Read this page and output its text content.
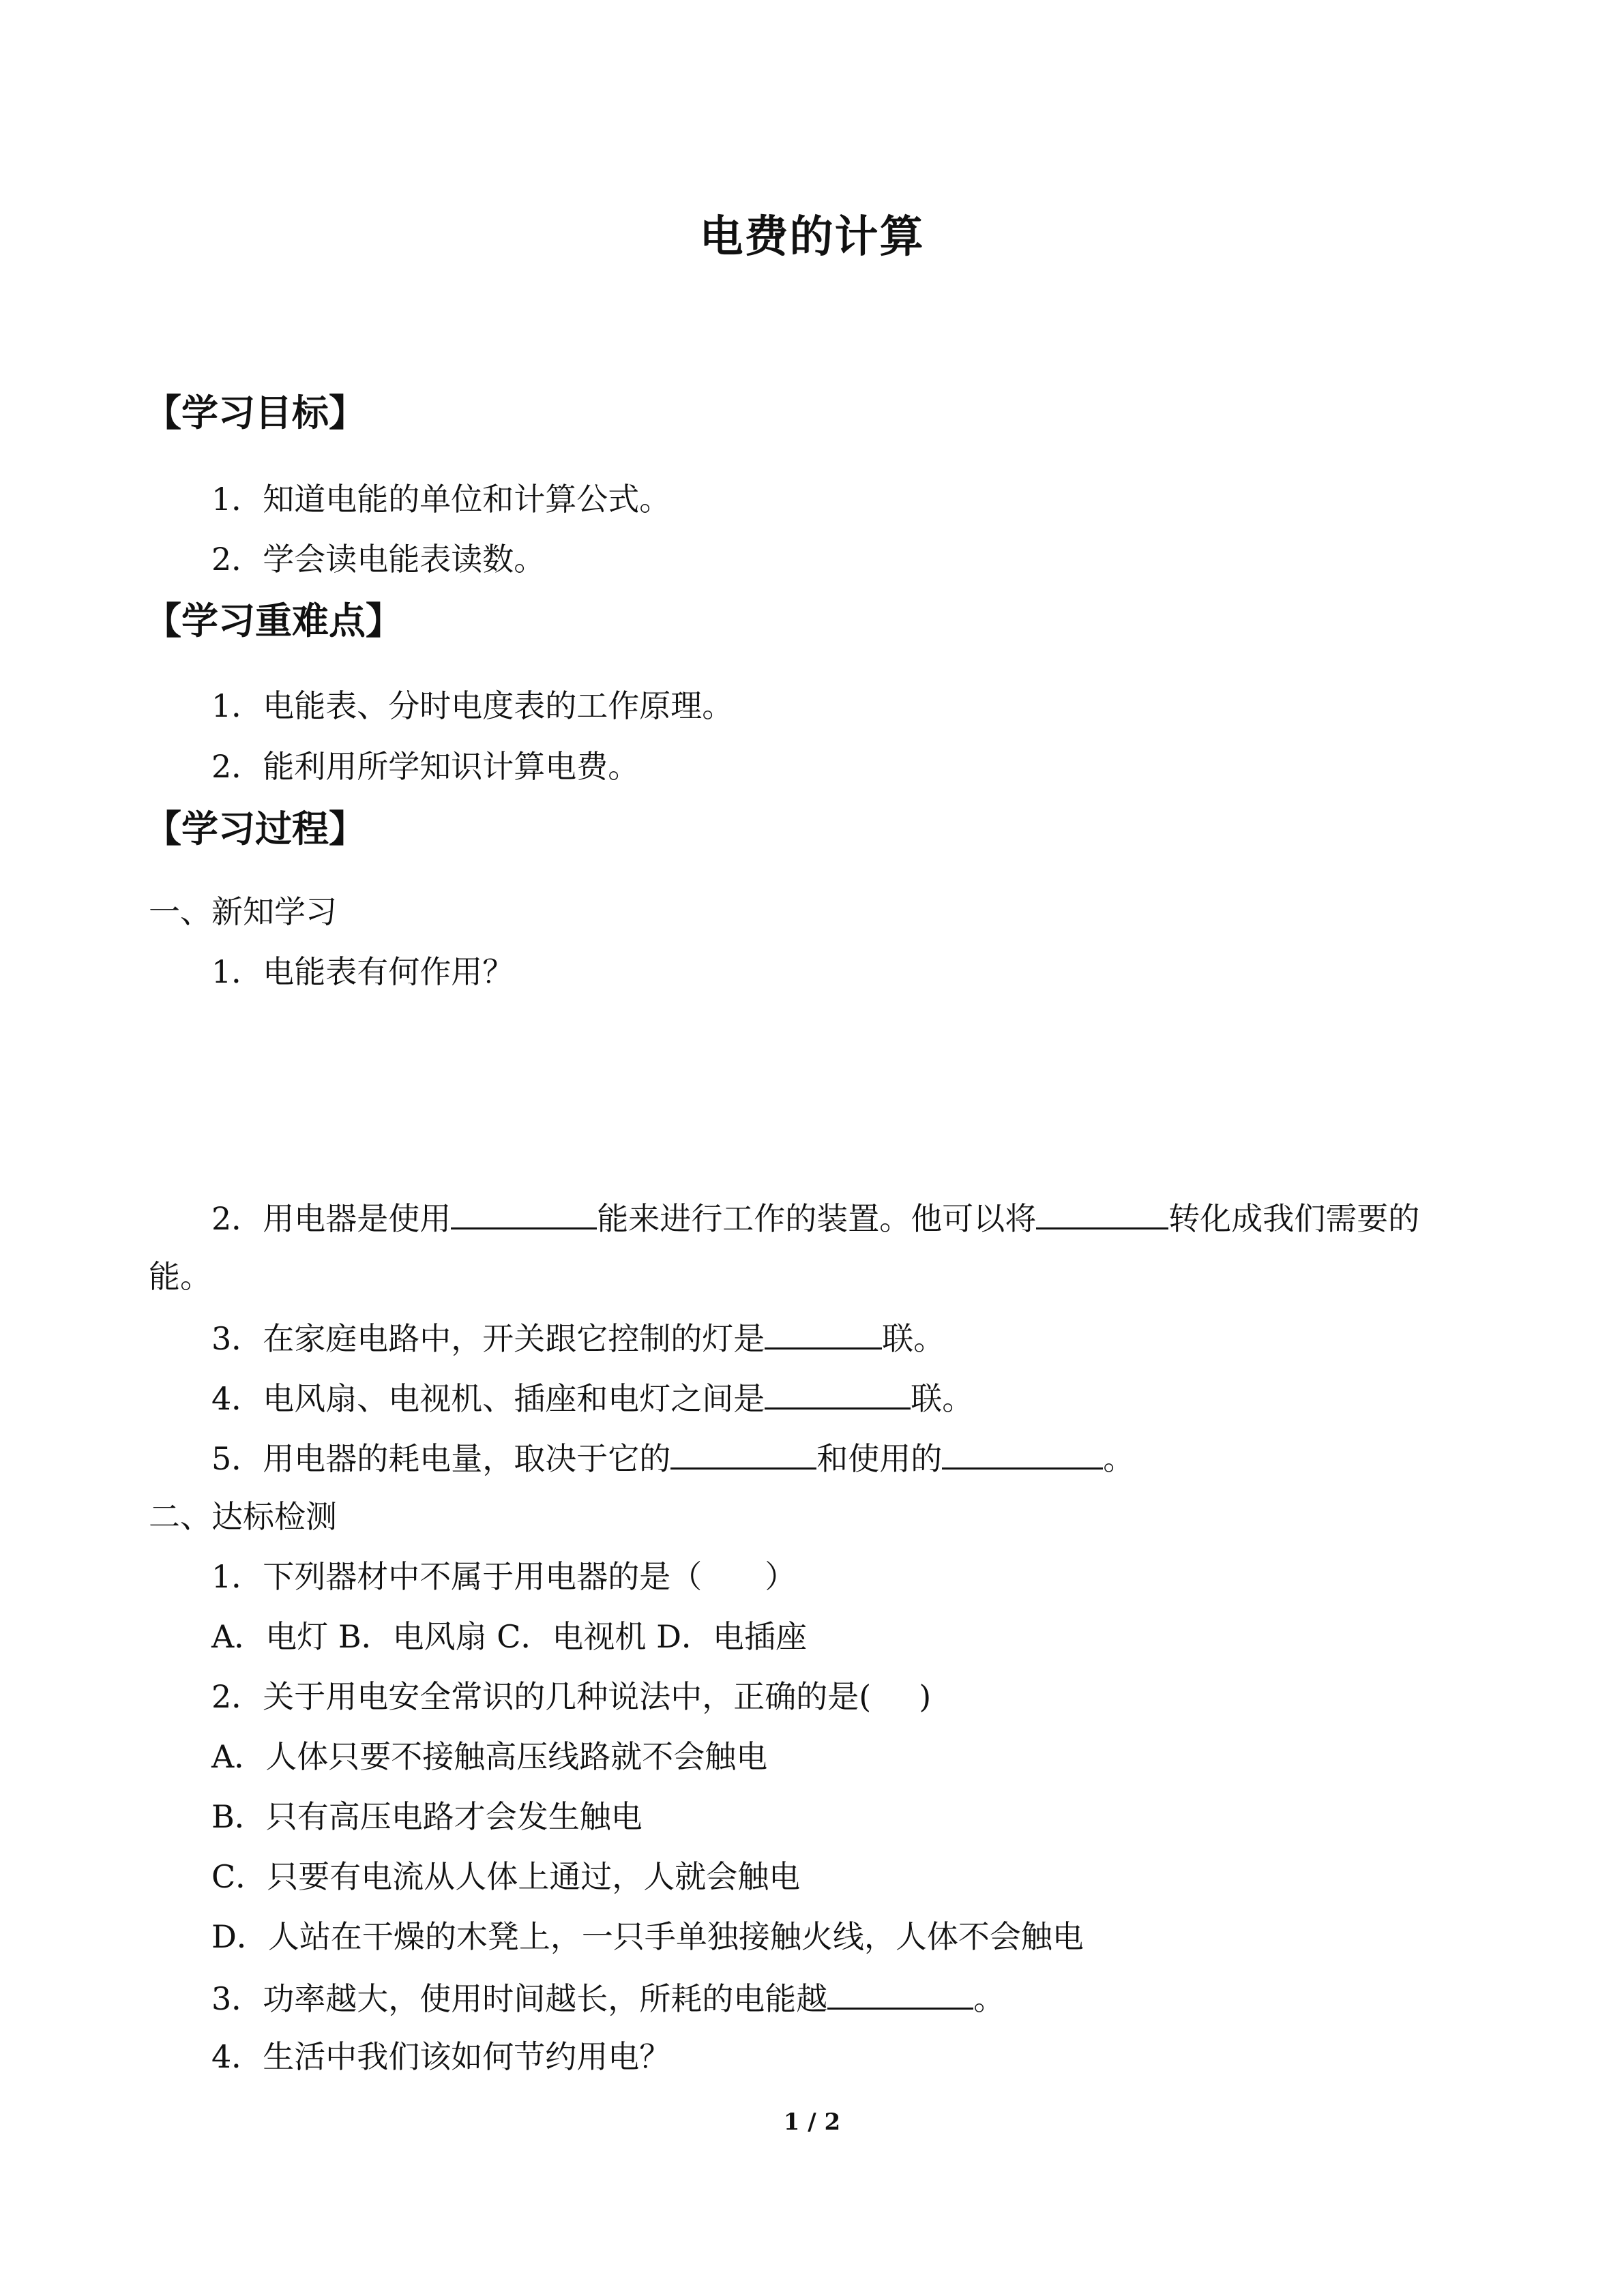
电费的计算
【学习目标】
1．知道电能的单位和计算公式。
2．学会读电能表读数。
【学习重难点】
1．电能表、分时电度表的工作原理。
2．能利用所学知识计算电费。
【学习过程】
一、新知学习
1．电能表有何作用？
2．用电器是使用	能来进行工作的装置。他可以将	转化成我们需要的
能。
3．在家庭电路中，开关跟它控制的灯是	联。
4．电风扇、电视机、插座和电灯之间是	联。
5．用电器的耗电量，取决于它的	和使用的	。
二、达标检测
1．下列器材中不属于用电器的是（ ）
A．电灯 B．电风扇 C．电视机 D．电插座
2．关于用电安全常识的几种说法中，正确的是( )
A．人体只要不接触高压线路就不会触电
B．只有高压电路才会发生触电
C．只要有电流从人体上通过，人就会触电
D．人站在干燥的木凳上，一只手单独接触火线，人体不会触电
3．功率越大，使用时间越长，所耗的电能越	。
4．生活中我们该如何节约用电？
1 / 2
